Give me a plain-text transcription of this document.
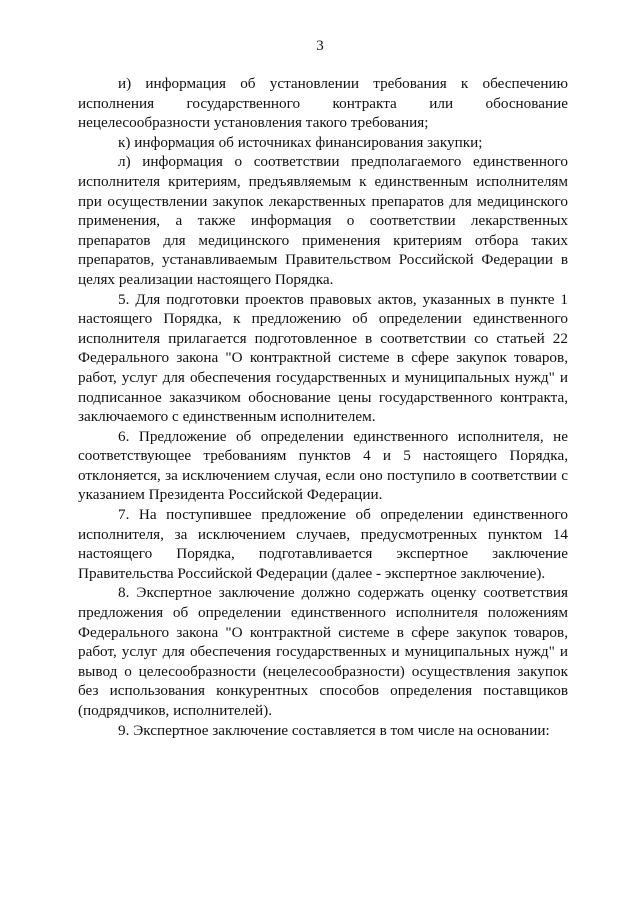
3

и) информация об установлении требования к обеспечению исполнения государственного контракта или обоснование нецелесообразности установления такого требования;

к) информация об источниках финансирования закупки;

л) информация о соответствии предполагаемого единственного исполнителя критериям, предъявляемым к единственным исполнителям при осуществлении закупок лекарственных препаратов для медицинского применения, а также информация о соответствии лекарственных препаратов для медицинского применения критериям отбора таких препаратов, устанавливаемым Правительством Российской Федерации в целях реализации настоящего Порядка.

5. Для подготовки проектов правовых актов, указанных в пункте 1 настоящего Порядка, к предложению об определении единственного исполнителя прилагается подготовленное в соответствии со статьей 22 Федерального закона "О контрактной системе в сфере закупок товаров, работ, услуг для обеспечения государственных и муниципальных нужд" и подписанное заказчиком обоснование цены государственного контракта, заключаемого с единственным исполнителем.

6. Предложение об определении единственного исполнителя, не соответствующее требованиям пунктов 4 и 5 настоящего Порядка, отклоняется, за исключением случая, если оно поступило в соответствии с указанием Президента Российской Федерации.

7. На поступившее предложение об определении единственного исполнителя, за исключением случаев, предусмотренных пунктом 14 настоящего Порядка, подготавливается экспертное заключение Правительства Российской Федерации (далее - экспертное заключение).

8. Экспертное заключение должно содержать оценку соответствия предложения об определении единственного исполнителя положениям Федерального закона "О контрактной системе в сфере закупок товаров, работ, услуг для обеспечения государственных и муниципальных нужд" и вывод о целесообразности (нецелесообразности) осуществления закупок без использования конкурентных способов определения поставщиков (подрядчиков, исполнителей).

9. Экспертное заключение составляется в том числе на основании:
